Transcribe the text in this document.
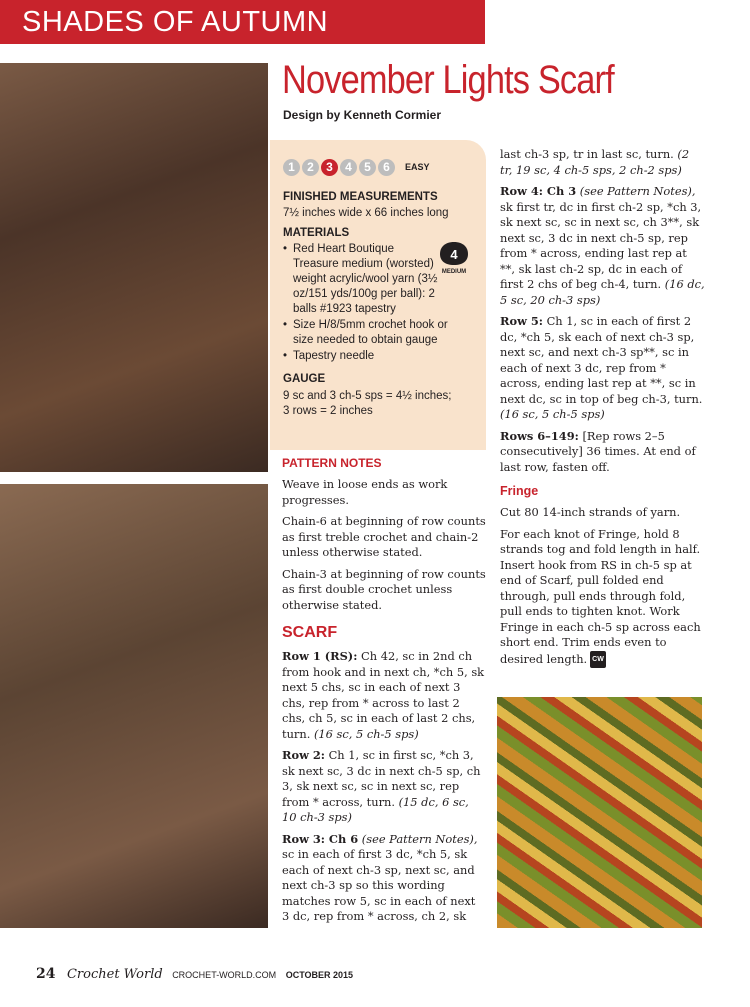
SHADES OF AUTUMN
November Lights Scarf
Design by Kenneth Cormier
1	2	3	4	5	6	EASY
FINISHED MEASUREMENTS
7½ inches wide x 66 inches long
MATERIALS
• Red Heart Boutique Treasure medium (worsted) weight acrylic/wool yarn (3½ oz/151 yds/100g per ball): 2 balls #1923 tapestry
• Size H/8/5mm crochet hook or size needed to obtain gauge
• Tapestry needle
4
MEDIUM
GAUGE
9 sc and 3 ch-5 sps = 4½ inches;
3 rows = 2 inches
PATTERN NOTES

Weave in loose ends as work progresses.

Chain-6 at beginning of row counts as first treble crochet and chain-2 unless otherwise stated.

Chain-3 at beginning of row counts as first double crochet unless otherwise stated.

SCARF

Row 1 (RS): Ch 42, sc in 2nd ch from hook and in next ch, *ch 5, sk next 5 chs, sc in each of next 3 chs, rep from * across to last 2 chs, ch 5, sc in each of last 2 chs, turn. (16 sc, 5 ch-5 sps)

Row 2: Ch 1, sc in first sc, *ch 3, sk next sc, 3 dc in next ch-5 sp, ch 3, sk next sc, sc in next sc, rep from * across, turn. (15 dc, 6 sc, 10 ch-3 sps)

Row 3: Ch 6 (see Pattern Notes), sc in each of first 3 dc, *ch 5, sk each of next ch-3 sp, next sc, and next ch-3 sp so this wording matches row 5, sc in each of next 3 dc, rep from * across, ch 2, sk

last ch-3 sp, tr in last sc, turn. (2 tr, 19 sc, 4 ch-5 sps, 2 ch-2 sps)

Row 4: Ch 3 (see Pattern Notes), sk first tr, dc in first ch-2 sp, *ch 3, sk next sc, sc in next sc, ch 3**, sk next sc, 3 dc in next ch-5 sp, rep from * across, ending last rep at **, sk last ch-2 sp, dc in each of first 2 chs of beg ch-4, turn. (16 dc, 5 sc, 20 ch-3 sps)

Row 5: Ch 1, sc in each of first 2 dc, *ch 5, sk each of next ch-3 sp, next sc, and next ch-3 sp**, sc in each of next 3 dc, rep from * across, ending last rep at **, sc in next dc, sc in top of beg ch-3, turn. (16 sc, 5 ch-5 sps)

Rows 6–149: [Rep rows 2–5 consecutively] 36 times. At end of last row, fasten off.

Fringe

Cut 80 14-inch strands of yarn.

For each knot of Fringe, hold 8 strands tog and fold length in half. Insert hook from RS in ch-5 sp at end of Scarf, pull folded end through, pull ends through fold, pull ends to tighten knot. Work Fringe in each ch-5 sp across each short end. Trim ends even to desired length. CW

24 Crochet World CROCHET-WORLD.COM OCTOBER 2015
